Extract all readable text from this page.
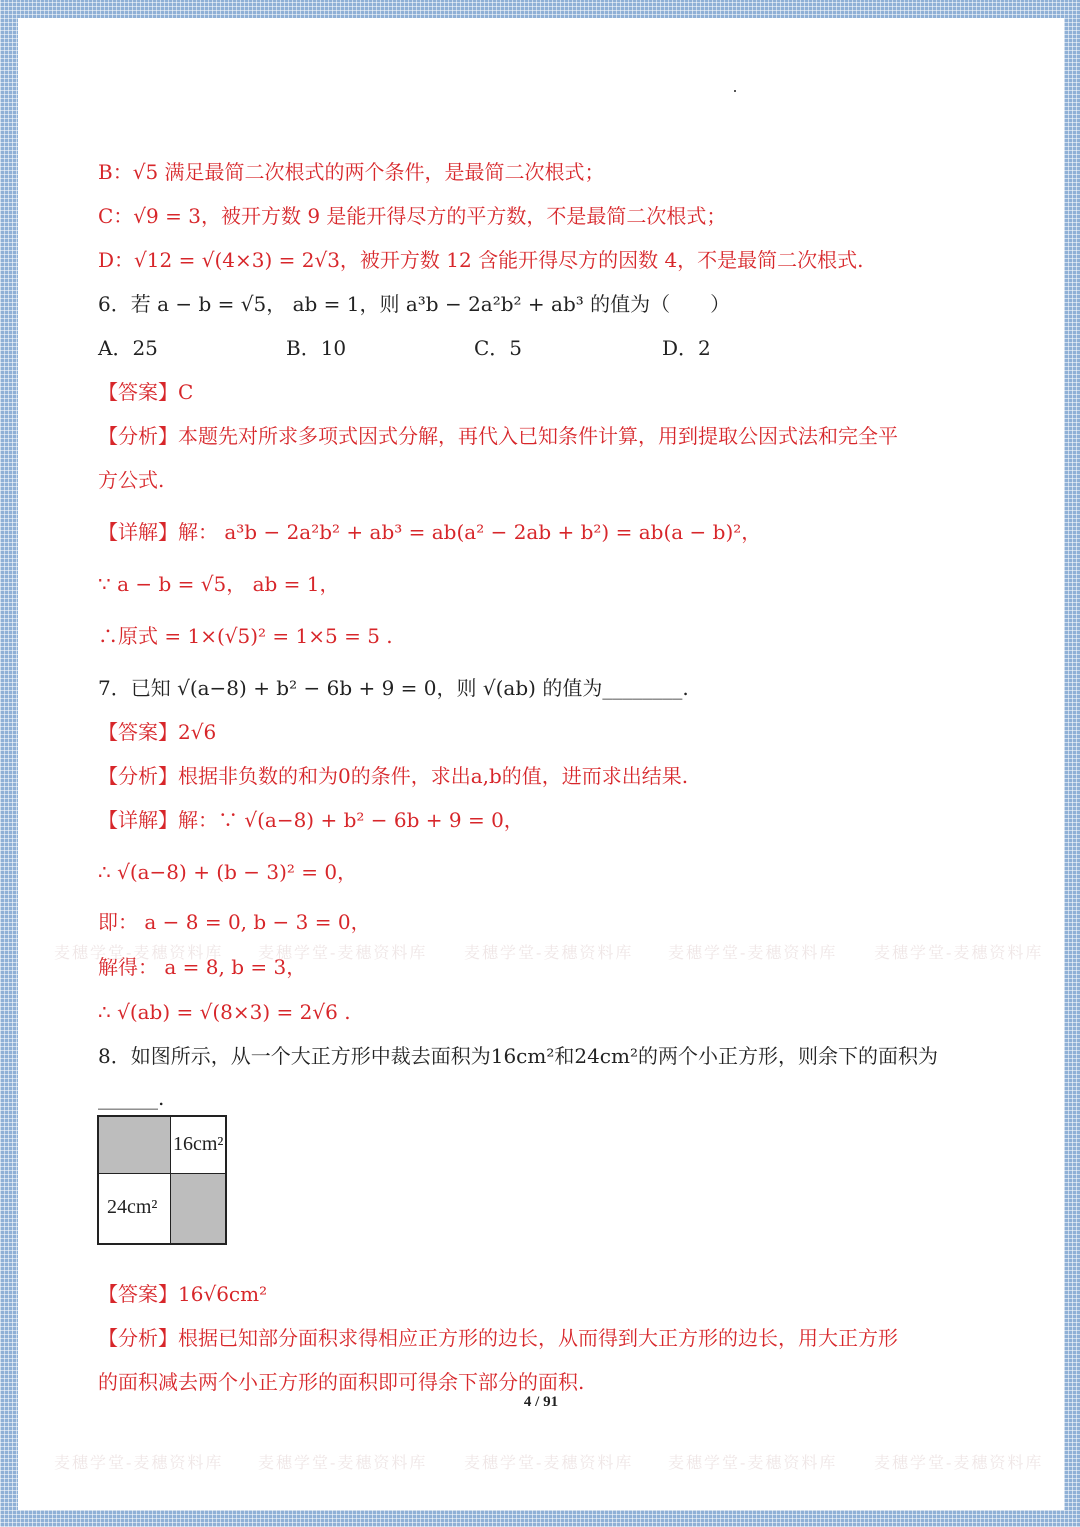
B：√5 满足最简二次根式的两个条件，是最简二次根式；
C：√9 = 3，被开方数 9 是能开得尽方的平方数，不是最简二次根式；
D：√12 = √(4×3) = 2√3，被开方数 12 含能开得尽方的因数 4，不是最简二次根式.
6．若 a − b = √5， ab = 1，则 a³b − 2a²b² + ab³ 的值为（　　）
A．25	B．10	C．5	D．2
【答案】C
【分析】本题先对所求多项式因式分解，再代入已知条件计算，用到提取公因式法和完全平
方公式.
【详解】解： a³b − 2a²b² + ab³ = ab(a² − 2ab + b²) = ab(a − b)²，
∵ a − b = √5， ab = 1，
∴原式 = 1×(√5)² = 1×5 = 5 .
7．已知 √(a−8) + b² − 6b + 9 = 0，则 √(ab) 的值为________.
【答案】2√6
【分析】根据非负数的和为0的条件，求出a,b的值，进而求出结果.
【详解】解：∵ √(a−8) + b² − 6b + 9 = 0，
∴ √(a−8) + (b − 3)² = 0，
即： a − 8 = 0, b − 3 = 0，
解得： a = 8, b = 3，
∴ √(ab) = √(8×3) = 2√6 .
8．如图所示，从一个大正方形中裁去面积为16cm²和24cm²的两个小正方形，则余下的面积为
______.
16cm²
24cm²
【答案】16√6cm²
【分析】根据已知部分面积求得相应正方形的边长，从而得到大正方形的边长，用大正方形
的面积减去两个小正方形的面积即可得余下部分的面积.
4 / 91
麦穗学堂-麦穗资料库 麦穗学堂-麦穗资料库 麦穗学堂-麦穗资料库 麦穗学堂-麦穗资料库 麦穗学堂-麦穗资料库
麦穗学堂-麦穗资料库 麦穗学堂-麦穗资料库 麦穗学堂-麦穗资料库 麦穗学堂-麦穗资料库 麦穗学堂-麦穗资料库
